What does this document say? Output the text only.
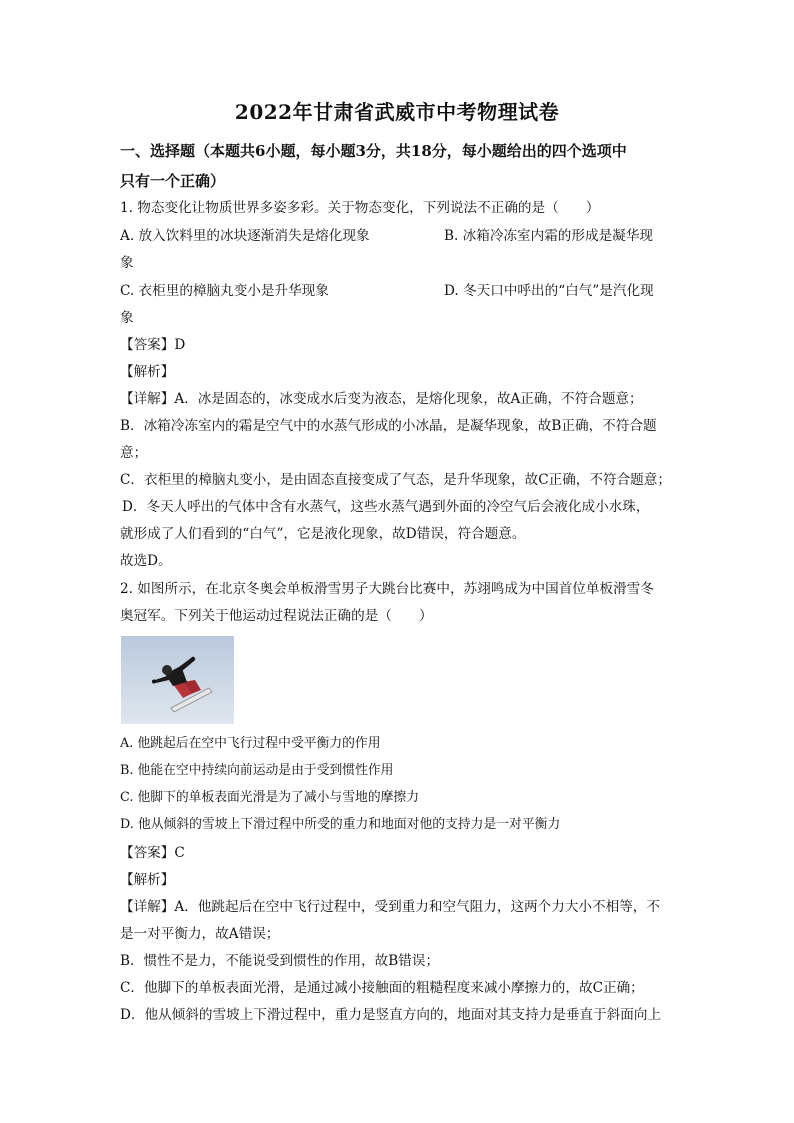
2022年甘肃省武威市中考物理试卷
一、选择题（本题共6小题，每小题3分，共18分，每小题给出的四个选项中
只有一个正确）
1. 物态变化让物质世界多姿多彩。关于物态变化，下列说法不正确的是（　　）
A. 放入饮料里的冰块逐渐消失是熔化现象	B. 冰箱冷冻室内霜的形成是凝华现
象
C. 衣柜里的樟脑丸变小是升华现象	D. 冬天口中呼出的“白气”是汽化现
象
【答案】D
【解析】
【详解】A．冰是固态的，冰变成水后变为液态，是熔化现象，故A正确，不符合题意；
B．冰箱冷冻室内的霜是空气中的水蒸气形成的小冰晶，是凝华现象，故B正确，不符合题
意；
C．衣柜里的樟脑丸变小，是由固态直接变成了气态，是升华现象，故C正确，不符合题意；
D．冬天人呼出的气体中含有水蒸气，这些水蒸气遇到外面的冷空气后会液化成小水珠，
就形成了人们看到的“白气”，它是液化现象，故D错误，符合题意。
故选D。
2. 如图所示，在北京冬奥会单板滑雪男子大跳台比赛中，苏翊鸣成为中国首位单板滑雪冬
奥冠军。下列关于他运动过程说法正确的是（　　）
A. 他跳起后在空中飞行过程中受平衡力的作用
B. 他能在空中持续向前运动是由于受到惯性作用
C. 他脚下的单板表面光滑是为了减小与雪地的摩擦力
D. 他从倾斜的雪坡上下滑过程中所受的重力和地面对他的支持力是一对平衡力
【答案】C
【解析】
【详解】A．他跳起后在空中飞行过程中，受到重力和空气阻力，这两个力大小不相等，不
是一对平衡力，故A错误；
B．惯性不是力，不能说受到惯性的作用，故B错误；
C．他脚下的单板表面光滑，是通过减小接触面的粗糙程度来减小摩擦力的，故C正确；
D．他从倾斜的雪坡上下滑过程中，重力是竖直方向的，地面对其支持力是垂直于斜面向上
